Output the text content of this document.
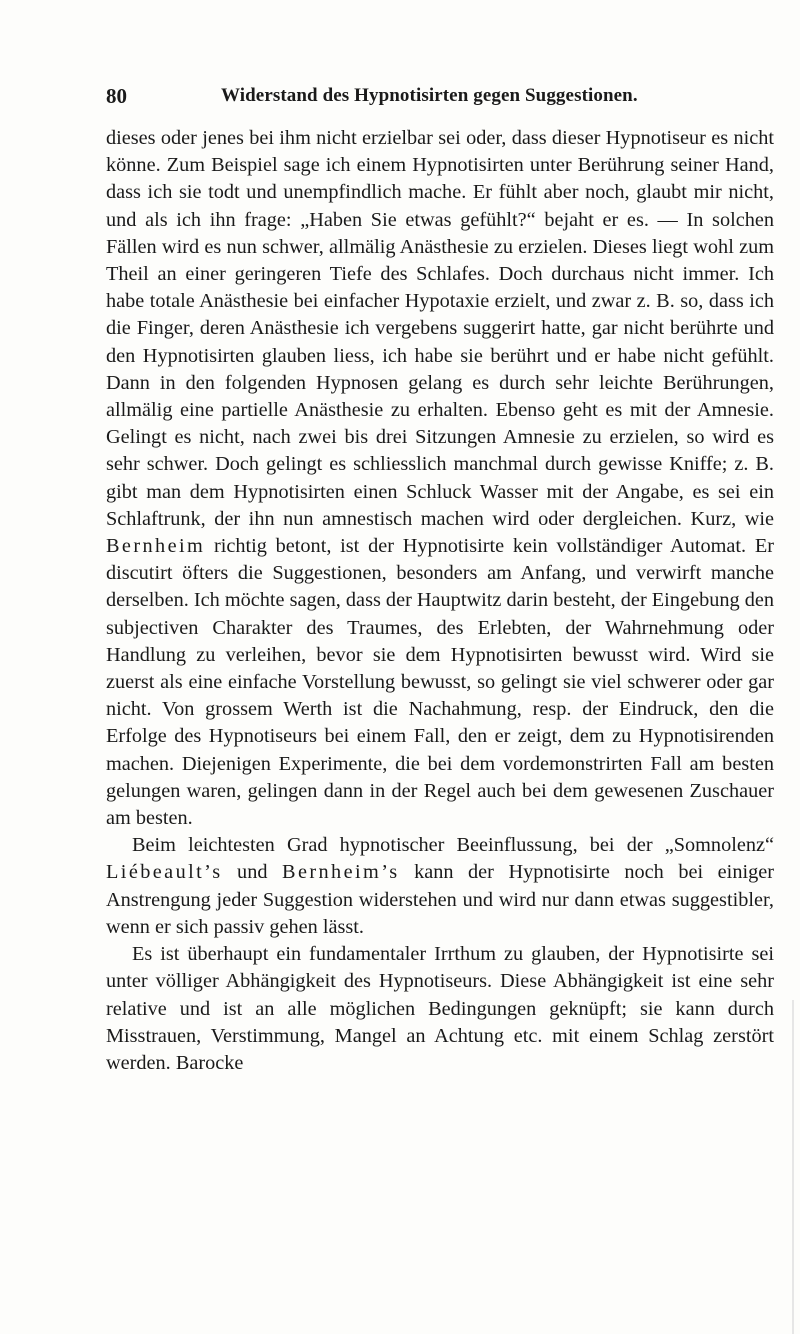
80	Widerstand des Hypnotisirten gegen Suggestionen.

dieses oder jenes bei ihm nicht erzielbar sei oder, dass dieser Hypnotiseur es nicht könne. Zum Beispiel sage ich einem Hypnotisirten unter Berührung seiner Hand, dass ich sie todt und unempfindlich mache. Er fühlt aber noch, glaubt mir nicht, und als ich ihn frage: „Haben Sie etwas gefühlt?“ bejaht er es. — In solchen Fällen wird es nun schwer, allmälig Anästhesie zu erzielen. Dieses liegt wohl zum Theil an einer geringeren Tiefe des Schlafes. Doch durchaus nicht immer. Ich habe totale Anästhesie bei einfacher Hypotaxie erzielt, und zwar z. B. so, dass ich die Finger, deren Anästhesie ich vergebens suggerirt hatte, gar nicht berührte und den Hypnotisirten glauben liess, ich habe sie berührt und er habe nicht gefühlt. Dann in den folgenden Hypnosen gelang es durch sehr leichte Berührungen, allmälig eine partielle Anästhesie zu erhalten. Ebenso geht es mit der Amnesie. Gelingt es nicht, nach zwei bis drei Sitzungen Amnesie zu erzielen, so wird es sehr schwer. Doch gelingt es schliesslich manchmal durch gewisse Kniffe; z. B. gibt man dem Hypnotisirten einen Schluck Wasser mit der Angabe, es sei ein Schlaftrunk, der ihn nun amnestisch machen wird oder dergleichen. Kurz, wie Bernheim richtig betont, ist der Hypnotisirte kein vollständiger Automat. Er discutirt öfters die Suggestionen, besonders am Anfang, und verwirft manche derselben. Ich möchte sagen, dass der Hauptwitz darin besteht, der Eingebung den subjectiven Charakter des Traumes, des Erlebten, der Wahrnehmung oder Handlung zu verleihen, bevor sie dem Hypnotisirten bewusst wird. Wird sie zuerst als eine einfache Vorstellung bewusst, so gelingt sie viel schwerer oder gar nicht. Von grossem Werth ist die Nachahmung, resp. der Eindruck, den die Erfolge des Hypnotiseurs bei einem Fall, den er zeigt, dem zu Hypnotisirenden machen. Diejenigen Experimente, die bei dem vordemonstrirten Fall am besten gelungen waren, gelingen dann in der Regel auch bei dem gewesenen Zuschauer am besten.

Beim leichtesten Grad hypnotischer Beeinflussung, bei der „Somnolenz“ Liébeault’s und Bernheim’s kann der Hypnotisirte noch bei einiger Anstrengung jeder Suggestion widerstehen und wird nur dann etwas suggestibler, wenn er sich passiv gehen lässt.

Es ist überhaupt ein fundamentaler Irrthum zu glauben, der Hypnotisirte sei unter völliger Abhängigkeit des Hypnotiseurs. Diese Abhängigkeit ist eine sehr relative und ist an alle möglichen Bedingungen geknüpft; sie kann durch Misstrauen, Verstimmung, Mangel an Achtung etc. mit einem Schlag zerstört werden. Barocke
